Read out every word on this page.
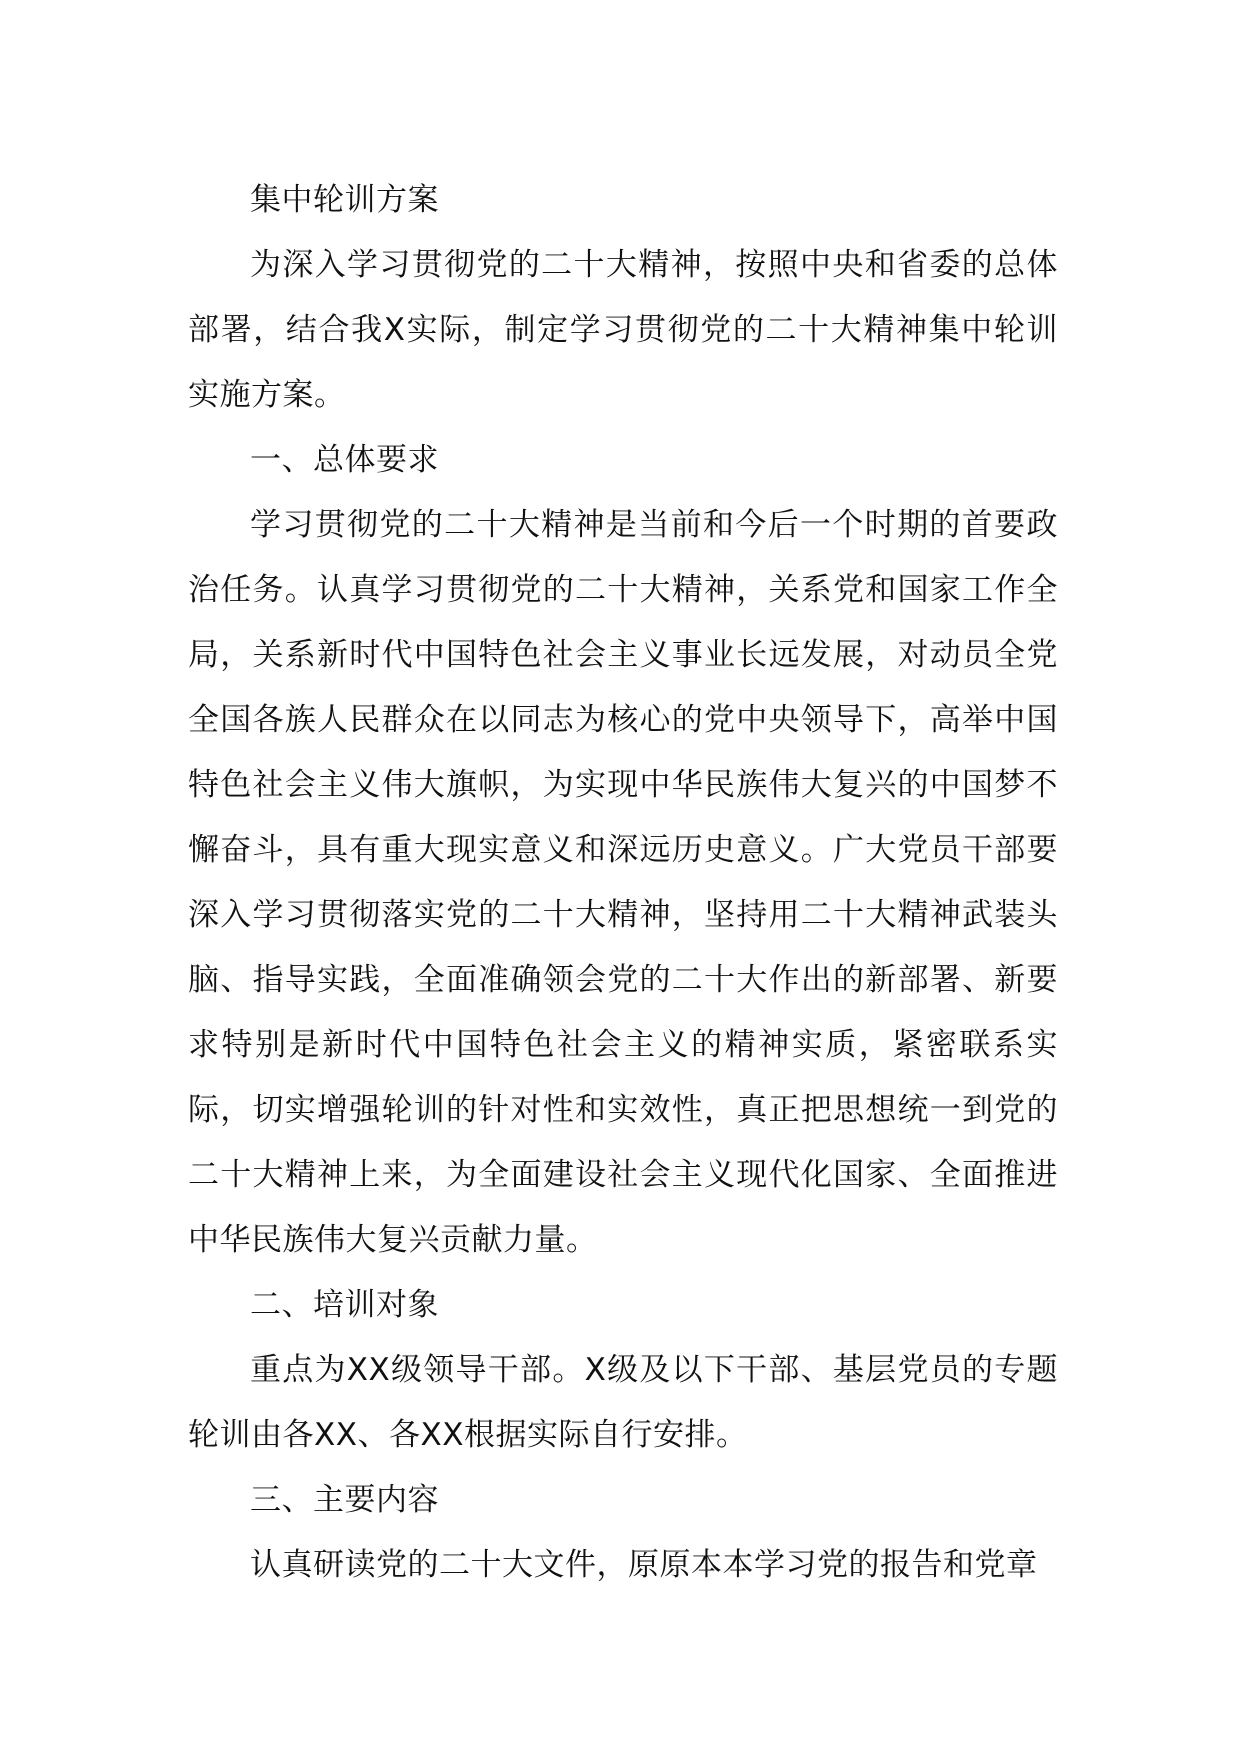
集中轮训方案

为深入学习贯彻党的二十大精神，按照中央和省委的总体部署，结合我X实际，制定学习贯彻党的二十大精神集中轮训实施方案。

一、总体要求

学习贯彻党的二十大精神是当前和今后一个时期的首要政治任务。认真学习贯彻党的二十大精神，关系党和国家工作全局，关系新时代中国特色社会主义事业长远发展，对动员全党全国各族人民群众在以同志为核心的党中央领导下，高举中国特色社会主义伟大旗帜，为实现中华民族伟大复兴的中国梦不懈奋斗，具有重大现实意义和深远历史意义。广大党员干部要深入学习贯彻落实党的二十大精神，坚持用二十大精神武装头脑、指导实践，全面准确领会党的二十大作出的新部署、新要求特别是新时代中国特色社会主义的精神实质，紧密联系实际，切实增强轮训的针对性和实效性，真正把思想统一到党的二十大精神上来，为全面建设社会主义现代化国家、全面推进中华民族伟大复兴贡献力量。

二、培训对象

重点为XX级领导干部。X级及以下干部、基层党员的专题轮训由各XX、各XX根据实际自行安排。

三、主要内容

认真研读党的二十大文件，原原本本学习党的报告和党章
